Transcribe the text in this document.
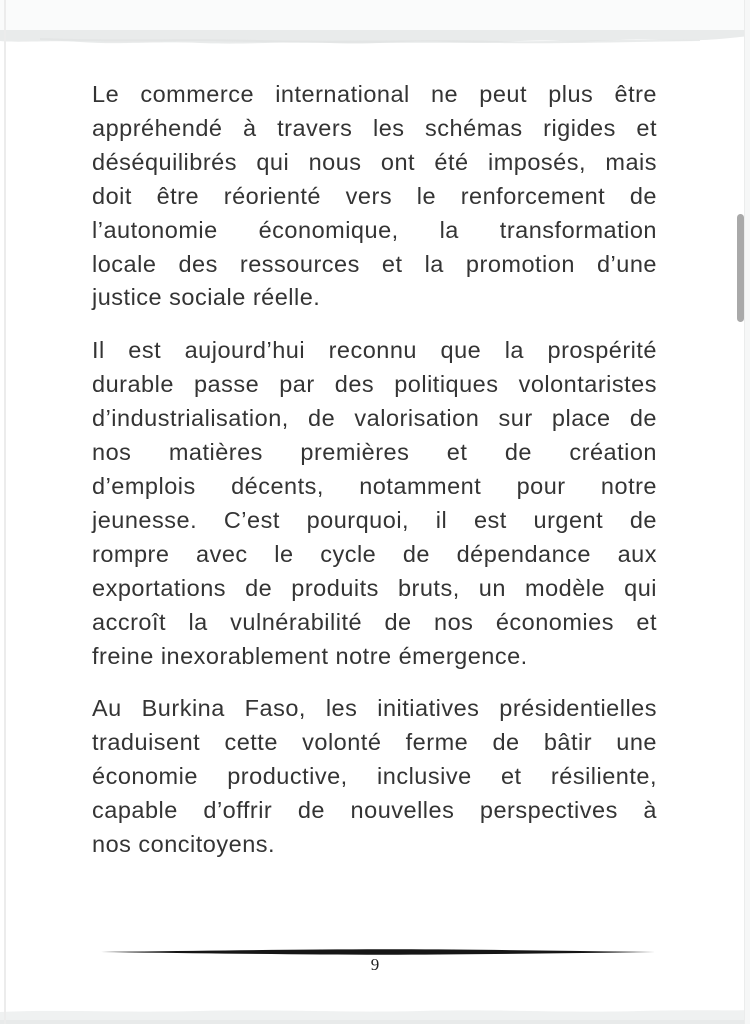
Le commerce international ne peut plus être
appréhendé à travers les schémas rigides et
déséquilibrés qui nous ont été imposés, mais
doit être réorienté vers le renforcement de
l’autonomie économique, la transformation
locale des ressources et la promotion d’une
justice sociale réelle.
Il est aujourd’hui reconnu que la prospérité
durable passe par des politiques volontaristes
d’industrialisation, de valorisation sur place de
nos matières premières et de création
d’emplois décents, notamment pour notre
jeunesse. C’est pourquoi, il est urgent de
rompre avec le cycle de dépendance aux
exportations de produits bruts, un modèle qui
accroît la vulnérabilité de nos économies et
freine inexorablement notre émergence.
Au Burkina Faso, les initiatives présidentielles
traduisent cette volonté ferme de bâtir une
économie productive, inclusive et résiliente,
capable d’offrir de nouvelles perspectives à
nos concitoyens.
9
